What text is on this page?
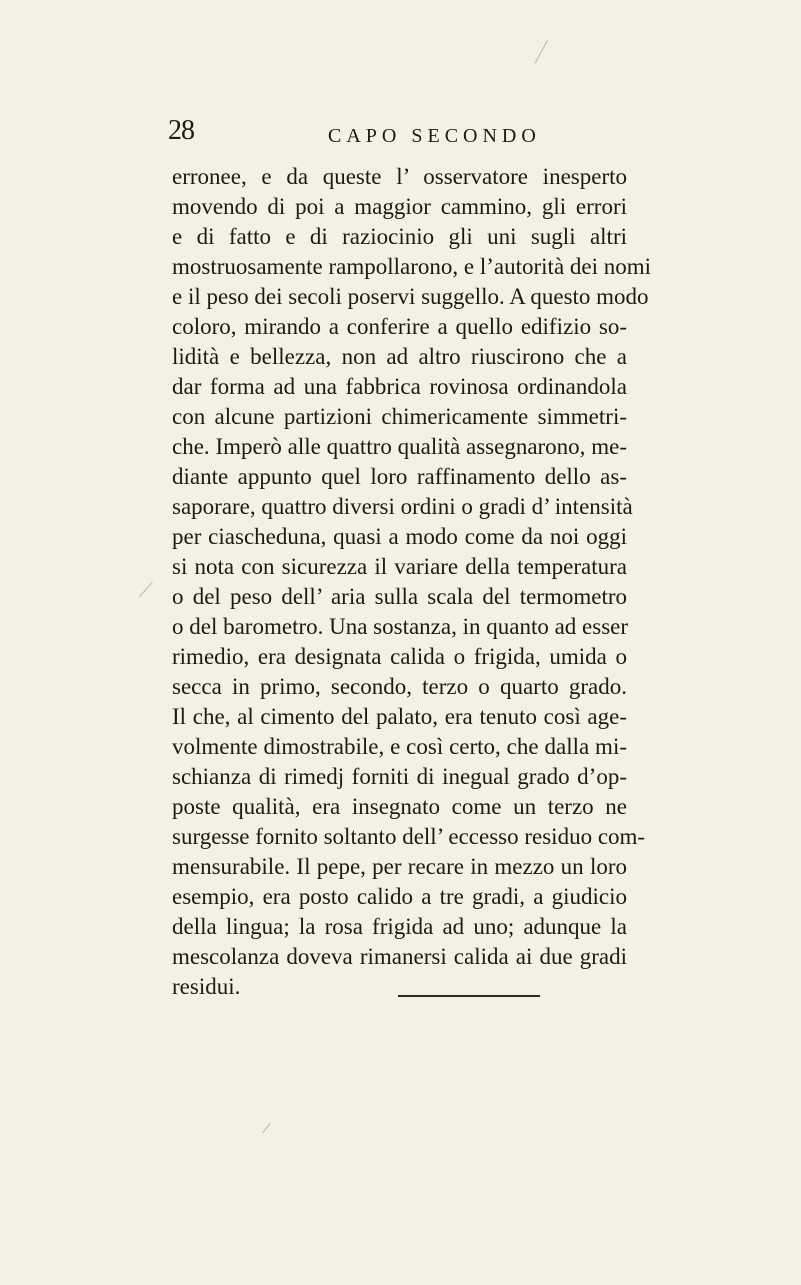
28	CAPO SECONDO
erronee, e da queste l’ osservatore inesperto
movendo di poi a maggior cammino, gli errori
e di fatto e di raziocinio gli uni sugli altri
mostruosamente rampollarono, e l’autorità dei nomi
e il peso dei secoli poservi suggello. A questo modo
coloro, mirando a conferire a quello edifizio so-
lidità e bellezza, non ad altro riuscirono che a
dar forma ad una fabbrica rovinosa ordinandola
con alcune partizioni chimericamente simmetri-
che. Imperò alle quattro qualità assegnarono, me-
diante appunto quel loro raffinamento dello as-
saporare, quattro diversi ordini o gradi d’ intensità
per ciascheduna, quasi a modo come da noi oggi
si nota con sicurezza il variare della temperatura
o del peso dell’ aria sulla scala del termometro
o del barometro. Una sostanza, in quanto ad esser
rimedio, era designata calida o frigida, umida o
secca in primo, secondo, terzo o quarto grado.
Il che, al cimento del palato, era tenuto così age-
volmente dimostrabile, e così certo, che dalla mi-
schianza di rimedj forniti di inegual grado d’op-
poste qualità, era insegnato come un terzo ne
surgesse fornito soltanto dell’ eccesso residuo com-
mensurabile. Il pepe, per recare in mezzo un loro
esempio, era posto calido a tre gradi, a giudicio
della lingua; la rosa frigida ad uno; adunque la
mescolanza doveva rimanersi calida ai due gradi
residui.
